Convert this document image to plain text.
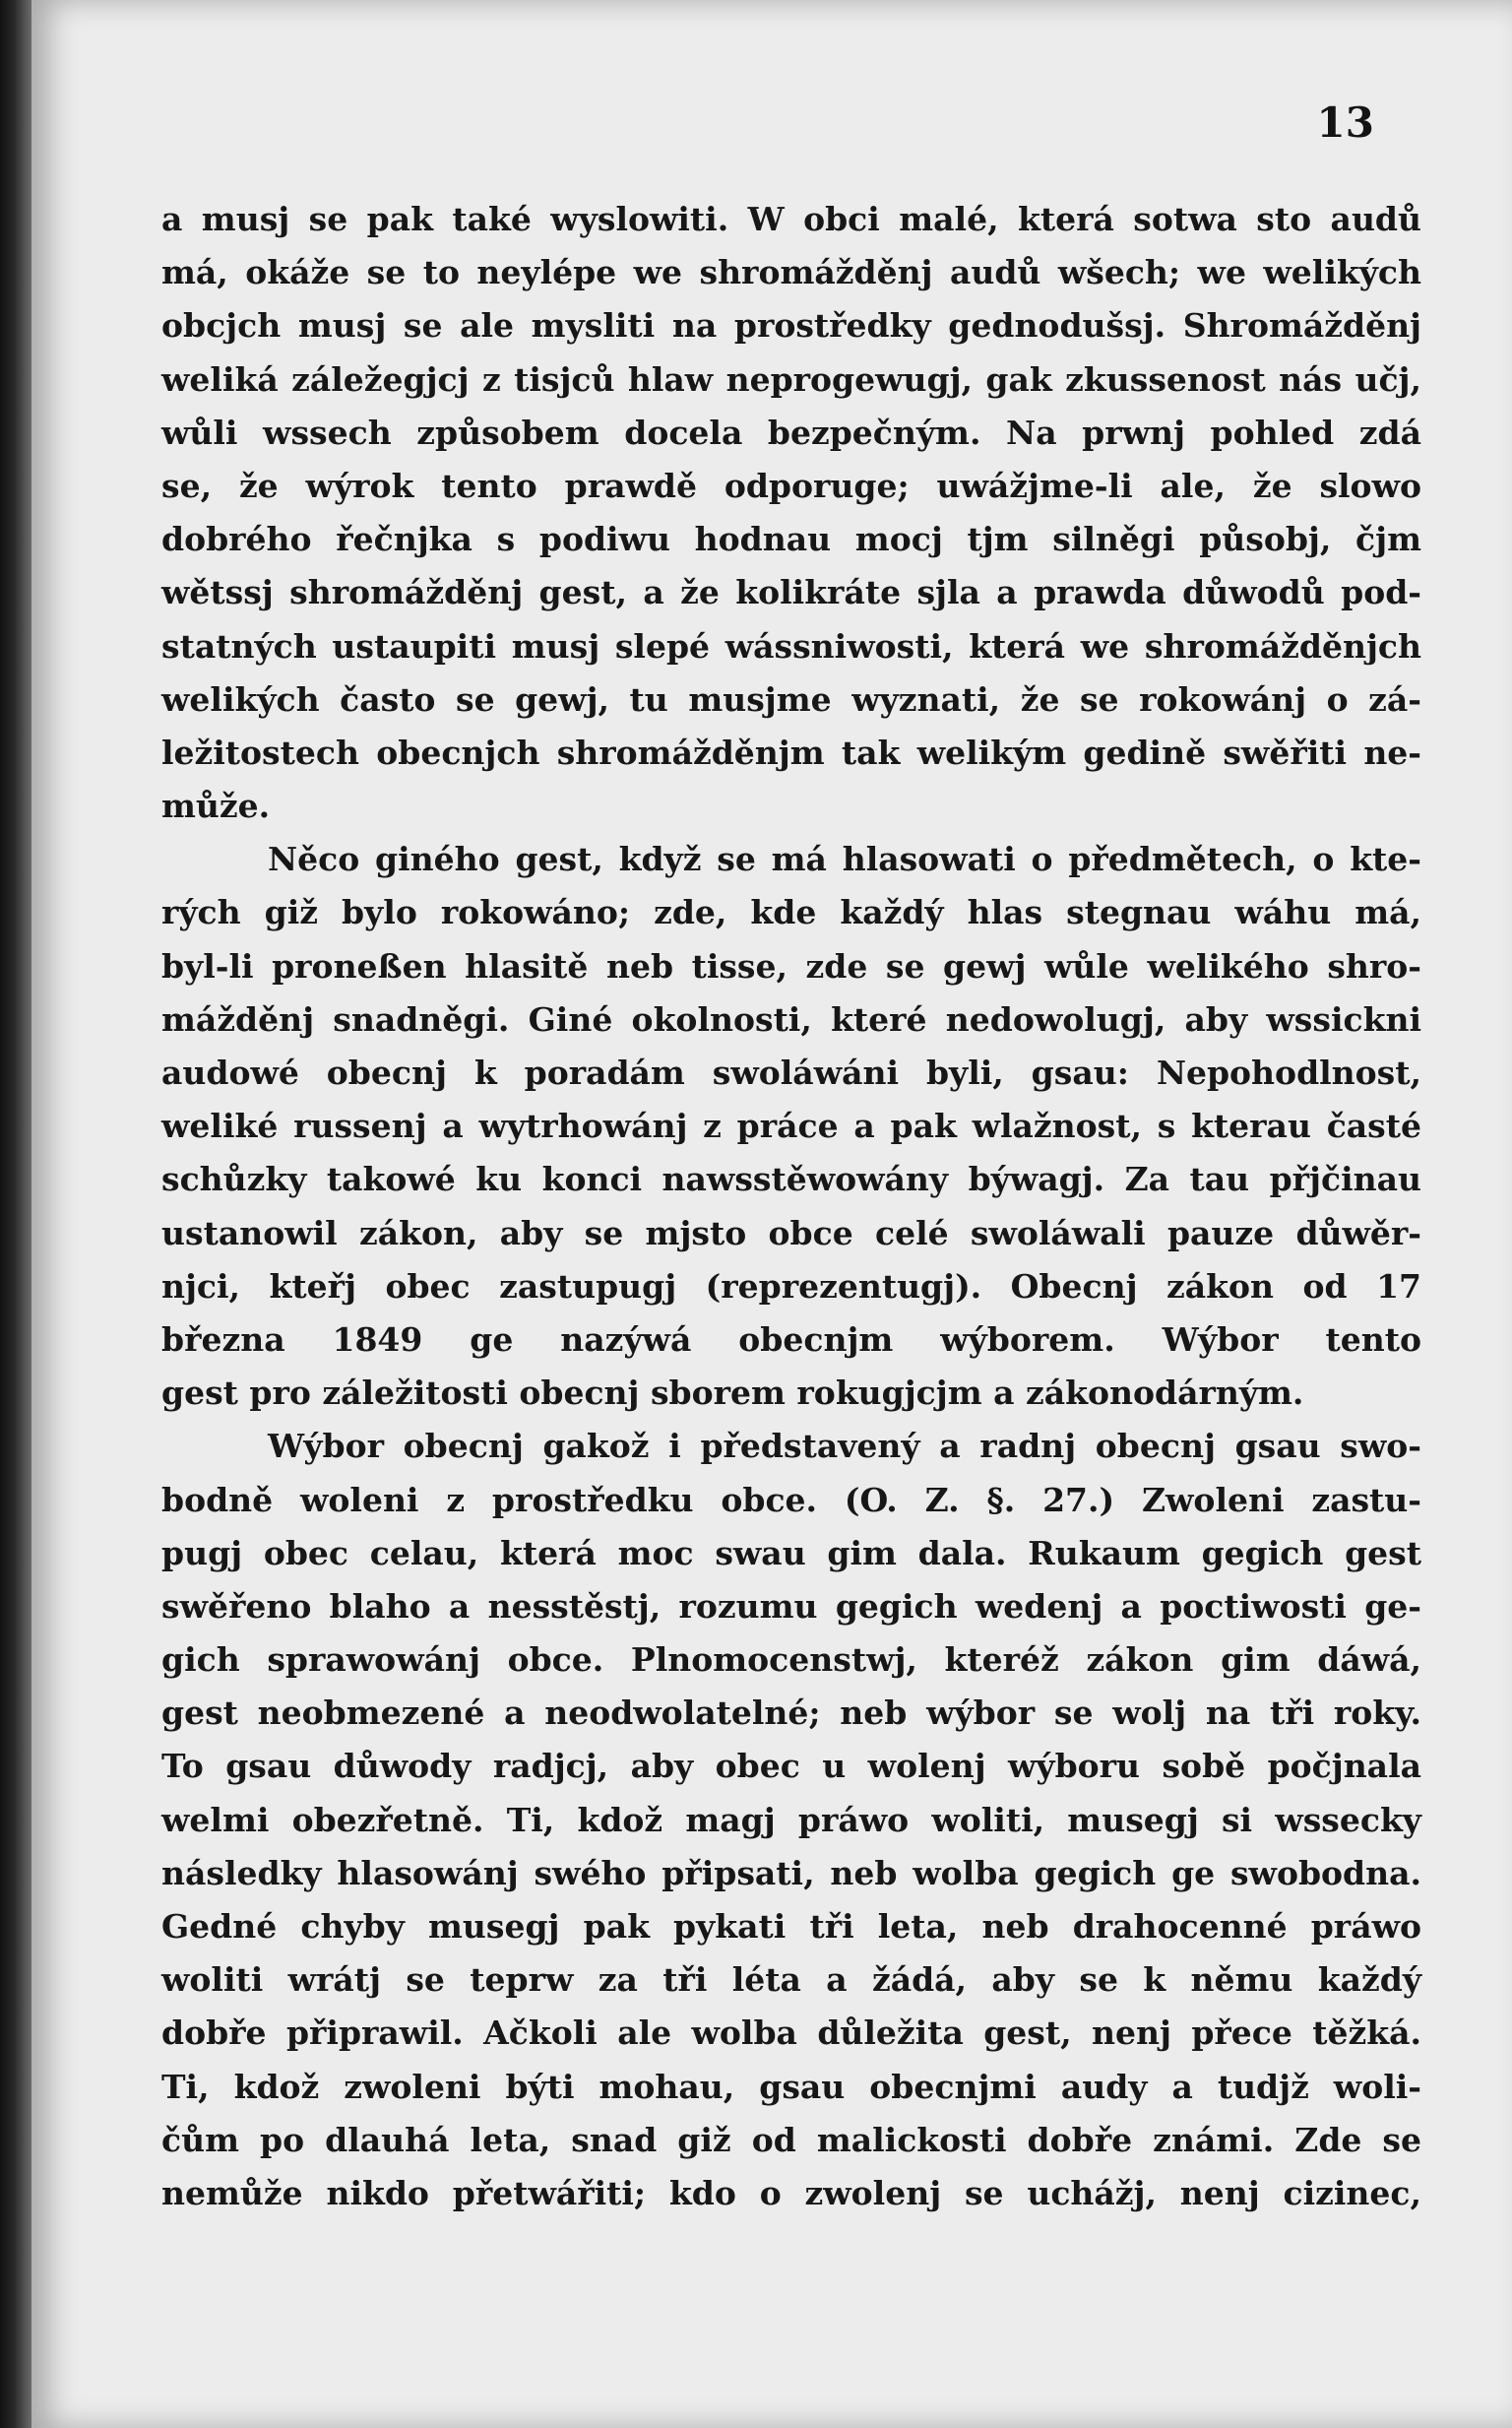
13

a musj se pak také wyslowiti. W obci malé, která sotwa sto audů
má, okáže se to neylépe we shromážděnj audů wšech; we welikých
obcjch musj se ale mysliti na prostředky gednodušsj. Shromážděnj
weliká záležegjcj z tisjců hlaw neprogewugj, gak zkussenost nás učj,
wůli wssech způsobem docela bezpečným. Na prwnj pohled zdá
se, že wýrok tento prawdě odporuge; uwážjme-li ale, že slowo
dobrého řečnjka s podiwu hodnau mocj tjm silněgi působj, čjm
wětssj shromážděnj gest, a že kolikráte sjla a prawda důwodů pod-
statných ustaupiti musj slepé wássniwosti, která we shromážděnjch
welikých často se gewj, tu musjme wyznati, že se rokowánj o zá-
ležitostech obecnjch shromážděnjm tak welikým gedině swěřiti ne-
může.
Něco giného gest, když se má hlasowati o předmětech, o kte-
rých giž bylo rokowáno; zde, kde každý hlas stegnau wáhu má,
byl-li proneßen hlasitě neb tisse, zde se gewj wůle welikého shro-
mážděnj snadněgi. Giné okolnosti, které nedowolugj, aby wssickni
audowé obecnj k poradám swoláwáni byli, gsau: Nepohodlnost,
weliké russenj a wytrhowánj z práce a pak wlažnost, s kterau časté
schůzky takowé ku konci nawsstěwowány býwagj. Za tau přjčinau
ustanowil zákon, aby se mjsto obce celé swoláwali pauze důwěr-
njci, kteřj obec zastupugj (reprezentugj). Obecnj zákon od 17
března 1849 ge nazýwá obecnjm wýborem. Wýbor tento
gest pro záležitosti obecnj sborem rokugjcjm a zákonodárným.
Wýbor obecnj gakož i představený a radnj obecnj gsau swo-
bodně woleni z prostředku obce. (O. Z. §. 27.) Zwoleni zastu-
pugj obec celau, která moc swau gim dala. Rukaum gegich gest
swěřeno blaho a nesstěstj, rozumu gegich wedenj a poctiwosti ge-
gich sprawowánj obce. Plnomocenstwj, kteréž zákon gim dáwá,
gest neobmezené a neodwolatelné; neb wýbor se wolj na tři roky.
To gsau důwody radjcj, aby obec u wolenj wýboru sobě počjnala
welmi obezřetně. Ti, kdož magj práwo woliti, musegj si wssecky
následky hlasowánj swého připsati, neb wolba gegich ge swobodna.
Gedné chyby musegj pak pykati tři leta, neb drahocenné práwo
woliti wrátj se teprw za tři léta a žádá, aby se k němu každý
dobře připrawil. Ačkoli ale wolba důležita gest, nenj přece těžká.
Ti, kdož zwoleni býti mohau, gsau obecnjmi audy a tudjž woli-
čům po dlauhá leta, snad giž od malickosti dobře známi. Zde se
nemůže nikdo přetwářiti; kdo o zwolenj se uchážj, nenj cizinec,
